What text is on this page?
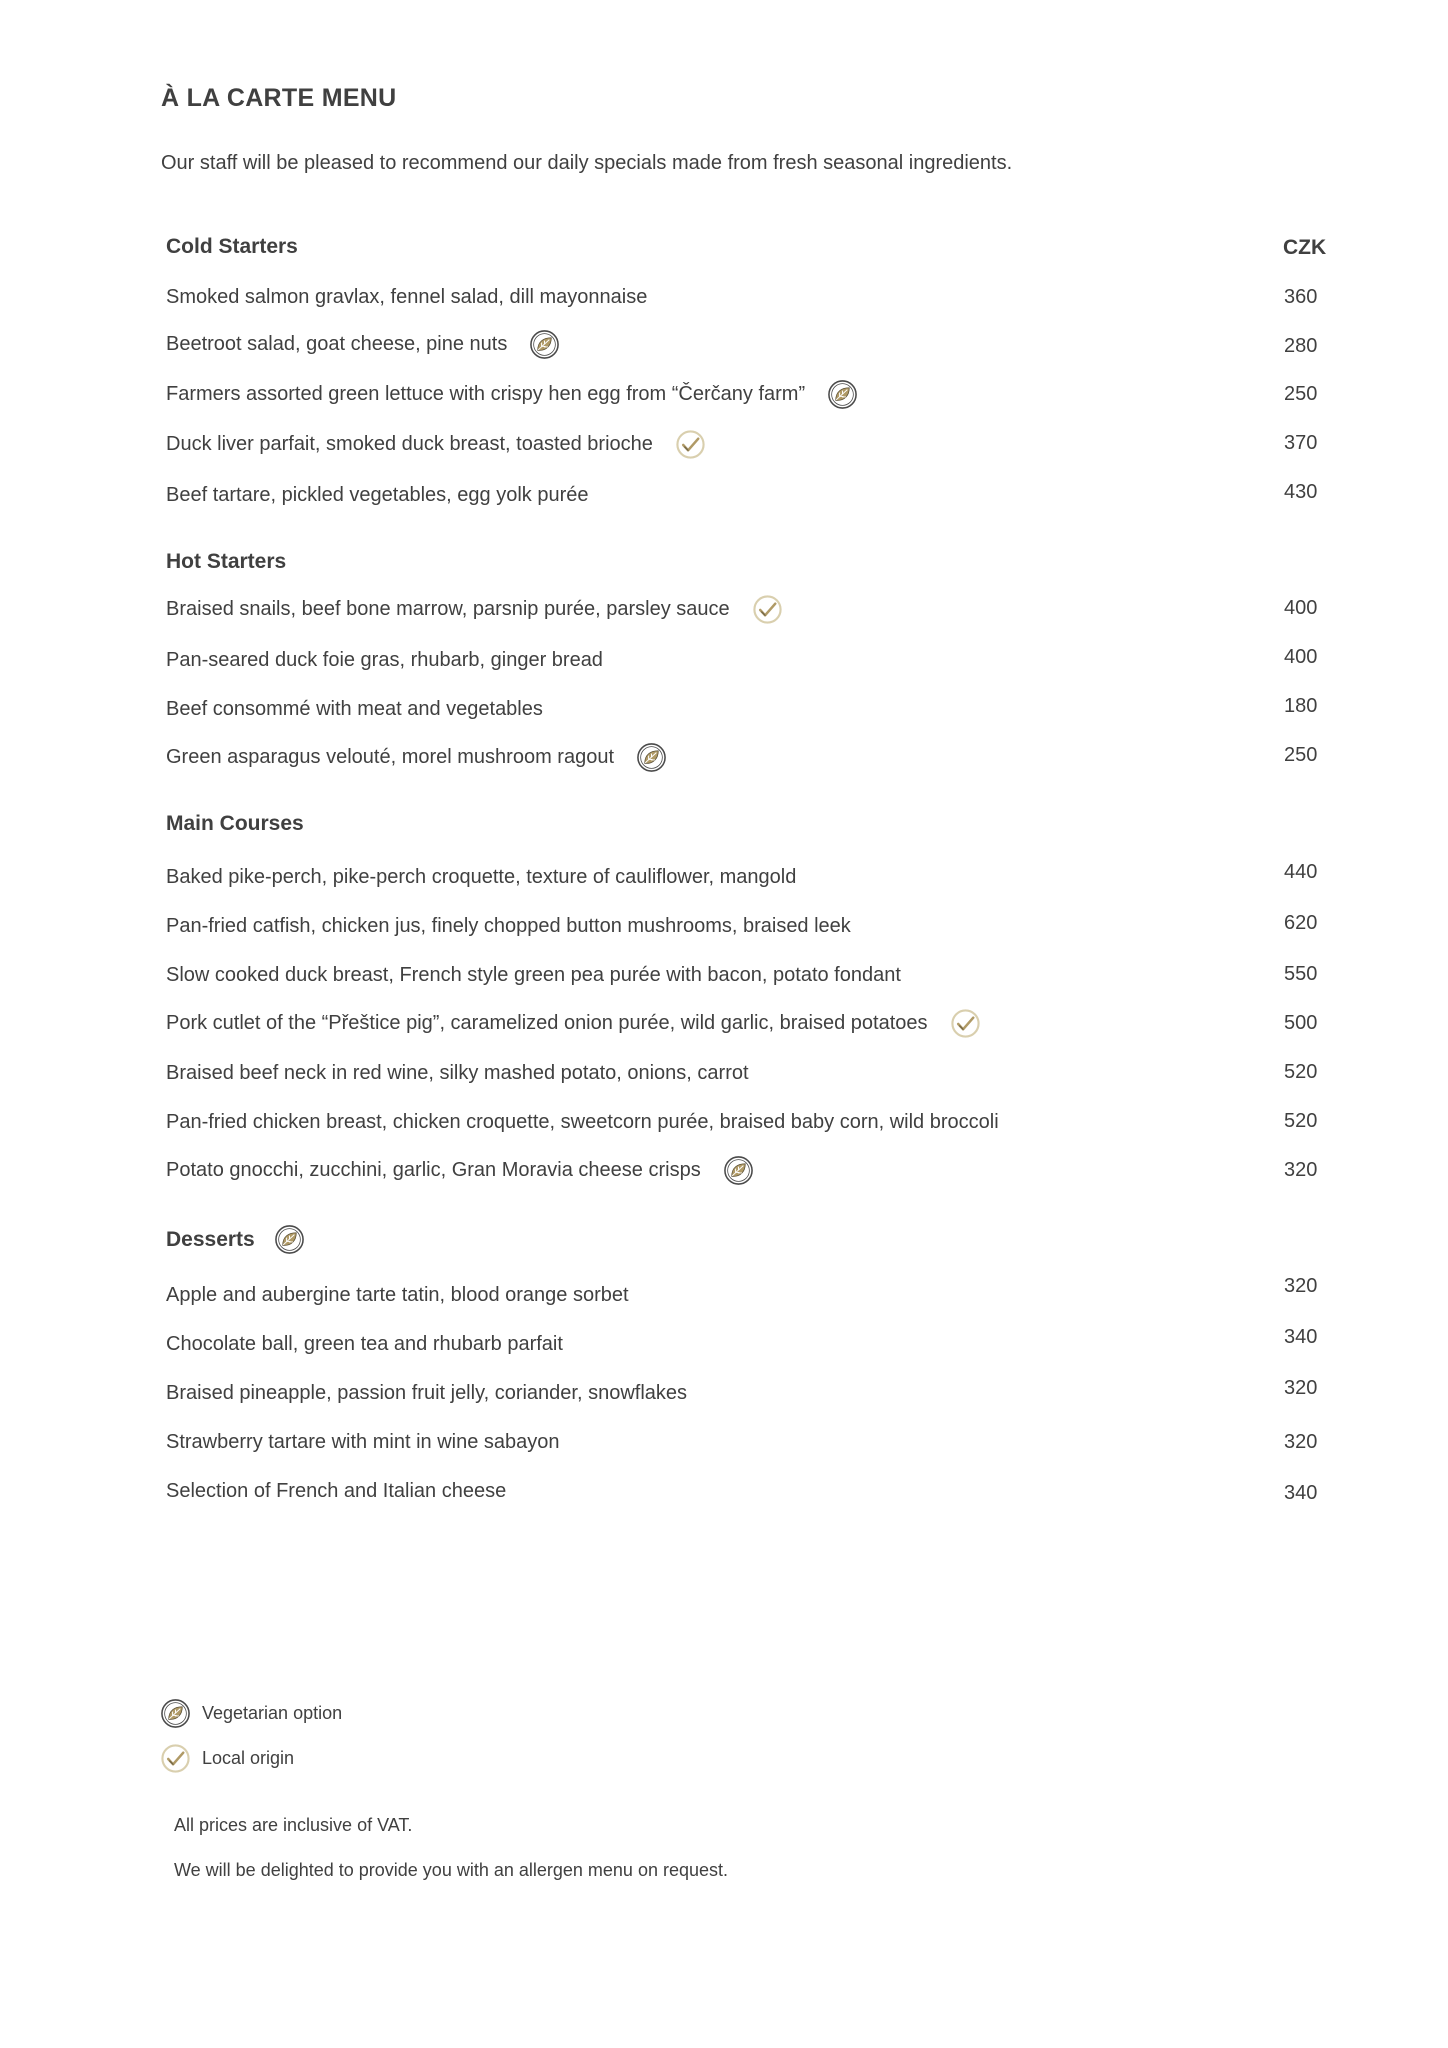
À LA CARTE MENU
Our staff will be pleased to recommend our daily specials made from fresh seasonal ingredients.
CZK
Cold Starters
Smoked salmon gravlax, fennel salad, dill mayonnaise	360
Beetroot salad, goat cheese, pine nuts	280
Farmers assorted green lettuce with crispy hen egg from “Čerčany farm”	250
Duck liver parfait, smoked duck breast, toasted brioche	370
Beef tartare, pickled vegetables, egg yolk purée	430
Hot Starters
Braised snails, beef bone marrow, parsnip purée, parsley sauce	400
Pan-seared duck foie gras, rhubarb, ginger bread	400
Beef consommé with meat and vegetables	180
Green asparagus velouté, morel mushroom ragout	250
Main Courses
Baked pike-perch, pike-perch croquette, texture of cauliflower, mangold	440
Pan-fried catfish, chicken jus, finely chopped button mushrooms, braised leek	620
Slow cooked duck breast, French style green pea purée with bacon, potato fondant	550
Pork cutlet of the “Přeštice pig”, caramelized onion purée, wild garlic, braised potatoes	500
Braised beef neck in red wine, silky mashed potato, onions, carrot	520
Pan-fried chicken breast, chicken croquette, sweetcorn purée, braised baby corn, wild broccoli	520
Potato gnocchi, zucchini, garlic, Gran Moravia cheese crisps	320
Desserts
Apple and aubergine tarte tatin, blood orange sorbet	320
Chocolate ball, green tea and rhubarb parfait	340
Braised pineapple, passion fruit jelly, coriander, snowflakes	320
Strawberry tartare with mint in wine sabayon	320
Selection of French and Italian cheese	340
Vegetarian option
Local origin
All prices are inclusive of VAT.
We will be delighted to provide you with an allergen menu on request.
